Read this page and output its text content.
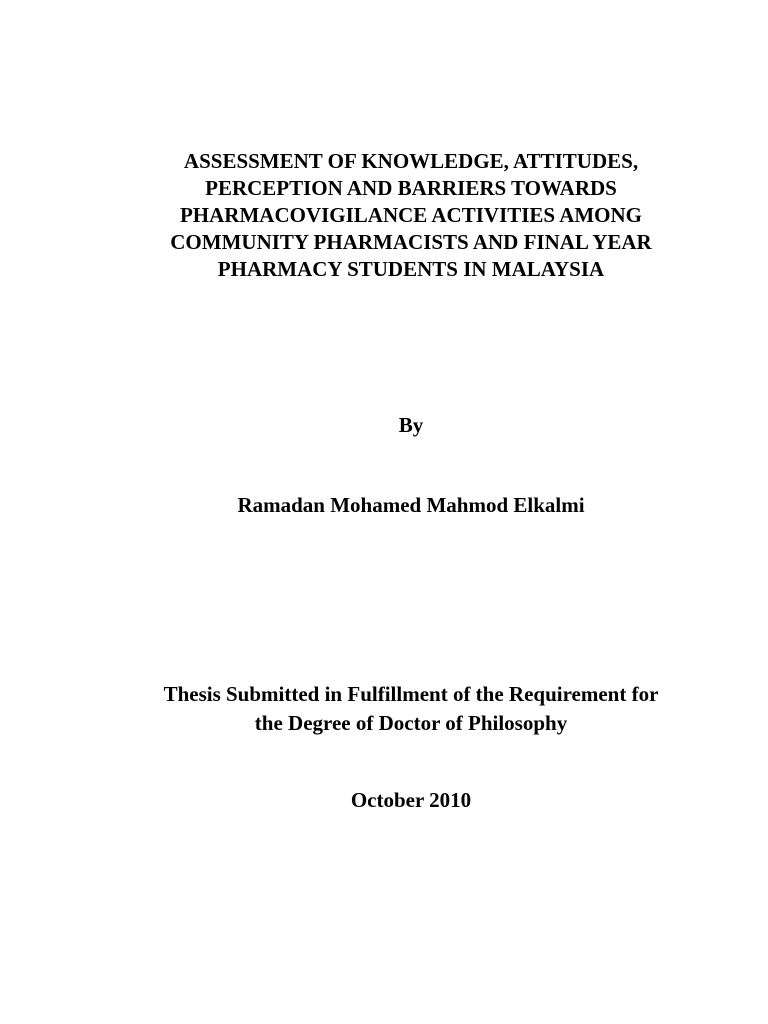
ASSESSMENT OF KNOWLEDGE, ATTITUDES,
PERCEPTION AND BARRIERS TOWARDS
PHARMACOVIGILANCE ACTIVITIES AMONG
COMMUNITY PHARMACISTS AND FINAL YEAR
PHARMACY STUDENTS IN MALAYSIA
By
Ramadan Mohamed Mahmod Elkalmi
Thesis Submitted in Fulfillment of the Requirement for
the Degree of Doctor of Philosophy
October 2010
